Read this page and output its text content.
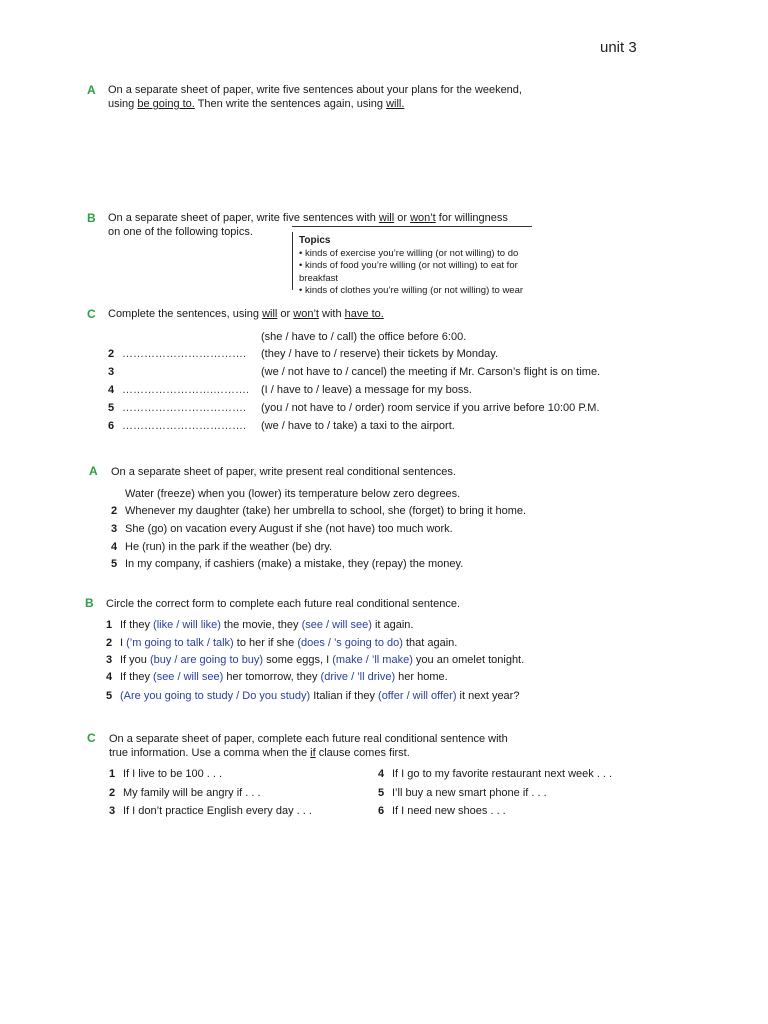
unit 3
A On a separate sheet of paper, write five sentences about your plans for the weekend,
using be going to. Then write the sentences again, using will.
B On a separate sheet of paper, write five sentences with will or won’t for willingness
on one of the following topics.
Topics
• kinds of exercise you’re willing (or not willing) to do
• kinds of food you’re willing (or not willing) to eat for breakfast
• kinds of clothes you’re willing (or not willing) to wear
C Complete the sentences, using will or won’t with have to.
(she / have to / call) the office before 6:00.
2 ……………………………. (they / have to / reserve) their tickets by Monday.
3	(we / not have to / cancel) the meeting if Mr. Carson’s flight is on time.
4 …………………….………. (I / have to / leave) a message for my boss.
5 ……………………………. (you / not have to / order) room service if you arrive before 10:00 P.M.
6 ……………………………. (we / have to / take) a taxi to the airport.
A On a separate sheet of paper, write present real conditional sentences.
Water (freeze) when you (lower) its temperature below zero degrees.
2 Whenever my daughter (take) her umbrella to school, she (forget) to bring it home.
3 She (go) on vacation every August if she (not have) too much work.
4 He (run) in the park if the weather (be) dry.
5 In my company, if cashiers (make) a mistake, they (repay) the money.
B Circle the correct form to complete each future real conditional sentence.
1 If they (like / will like) the movie, they (see / will see) it again.
2 I (’m going to talk / talk) to her if she (does / ’s going to do) that again.
3 If you (buy / are going to buy) some eggs, I (make / ’ll make) you an omelet tonight.
4 If they (see / will see) her tomorrow, they (drive / ’ll drive) her home.
5 (Are you going to study / Do you study) Italian if they (offer / will offer) it next year?
C On a separate sheet of paper, complete each future real conditional sentence with
true information. Use a comma when the if clause comes first.
1 If I live to be 100 . . .
2 My family will be angry if . . .
3 If I don’t practice English every day . . .
4 If I go to my favorite restaurant next week . . .
5 I’ll buy a new smart phone if . . .
6 If I need new shoes . . .
